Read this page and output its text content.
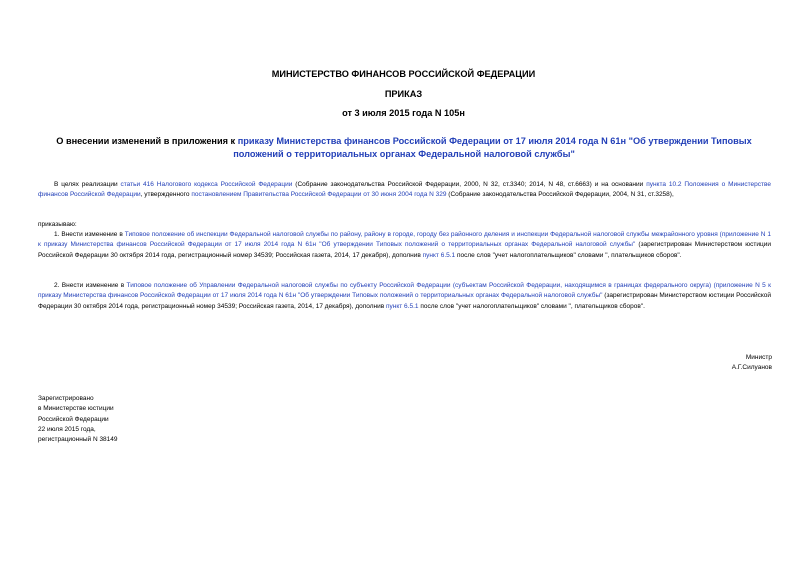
МИНИСТЕРСТВО ФИНАНСОВ РОССИЙСКОЙ ФЕДЕРАЦИИ
ПРИКАЗ
от 3 июля 2015 года N 105н
О внесении изменений в приложения к приказу Министерства финансов Российской Федерации от 17 июля 2014 года N 61н "Об утверждении Типовых положений о территориальных органах Федеральной налоговой службы"
В целях реализации статьи 416 Налогового кодекса Российской Федерации (Собрание законодательства Российской Федерации, 2000, N 32, ст.3340; 2014, N 48, ст.6663) и на основании пункта 10.2 Положения о Министерстве финансов Российской Федерации, утвержденного постановлением Правительства Российской Федерации от 30 июня 2004 года N 329 (Собрание законодательства Российской Федерации, 2004, N 31, ст.3258),
приказываю:
1. Внести изменение в Типовое положение об инспекции Федеральной налоговой службы по району, району в городе, городу без районного деления и инспекции Федеральной налоговой службы межрайонного уровня (приложение N 1 к приказу Министерства финансов Российской Федерации от 17 июля 2014 года N 61н "Об утверждении Типовых положений о территориальных органах Федеральной налоговой службы" (зарегистрирован Министерством юстиции Российской Федерации 30 октября 2014 года, регистрационный номер 34539; Российская газета, 2014, 17 декабря), дополнив пункт 6.5.1 после слов "учет налогоплательщиков" словами ", плательщиков сборов".
2. Внести изменение в Типовое положение об Управлении Федеральной налоговой службы по субъекту Российской Федерации (субъектам Российской Федерации, находящимся в границах федерального округа) (приложение N 5 к приказу Министерства финансов Российской Федерации от 17 июля 2014 года N 61н "Об утверждении Типовых положений о территориальных органах Федеральной налоговой службы" (зарегистрирован Министерством юстиции Российской Федерации 30 октября 2014 года, регистрационный номер 34539; Российская газета, 2014, 17 декабря), дополнив пункт 6.5.1 после слов "учет налогоплательщиков" словами ", плательщиков сборов".
Министр
А.Г.Силуанов
Зарегистрировано
в Министерстве юстиции
Российской Федерации
22 июля 2015 года,
регистрационный N 38149
